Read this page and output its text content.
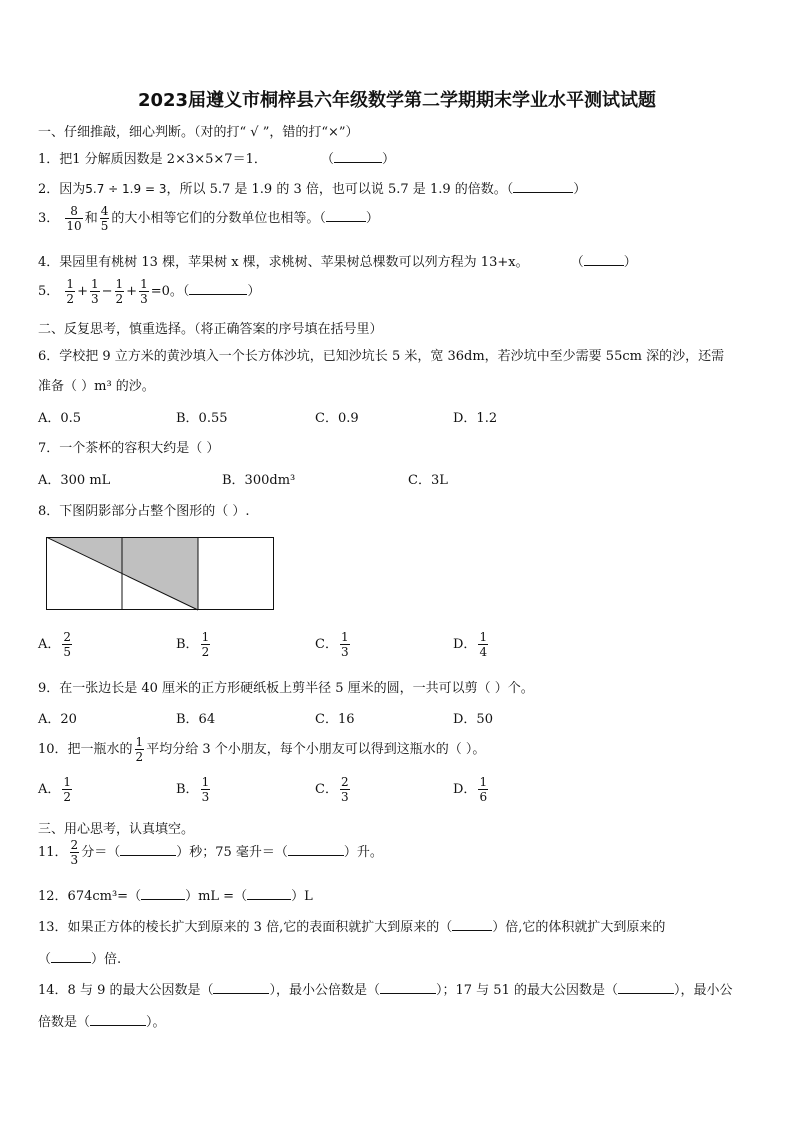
2023届遵义市桐梓县六年级数学第二学期期末学业水平测试试题
一、仔细推敲，细心判断。（对的打“ √ ”，错的打“×”）
1．把1 分解质因数是 2×3×5×7＝1．	（	）
2．因为5.7 ÷ 1.9 = 3，所以 5.7 是 1.9 的 3 倍，也可以说 5.7 是 1.9 的倍数。（	）
3． $\frac{8}{10}$ 和 $\frac{4}{5}$ 的大小相等它们的分数单位也相等。（	）
4．果园里有桃树 13 棵，苹果树 x 棵，求桃树、苹果树总棵数可以列方程为 13+x。	（	）
5． $\frac{1}{2} + \frac{1}{3} - \frac{1}{2} + \frac{1}{3} =0$。（	）
二、反复思考，慎重选择。（将正确答案的序号填在括号里）
6．学校把 9 立方米的黄沙填入一个长方体沙坑，已知沙坑长 5 米，宽 36dm，若沙坑中至少需要 55cm 深的沙，还需
准备（ ）m³ 的沙。
A．0.5	B．0.55	C．0.9	D．1.2
7．一个茶杯的容积大约是（ ）
A．300 mL	B．300dm³	C．3L
8．下图阴影部分占整个图形的（ ）.
A． $\frac{2}{5}$	B． $\frac{1}{2}$	C． $\frac{1}{3}$	D． $\frac{1}{4}$
9．在一张边长是 40 厘米的正方形硬纸板上剪半径 5 厘米的圆，一共可以剪（ ）个。
A．20	B．64	C．16	D．50
10．把一瓶水的 $\frac{1}{2}$ 平均分给 3 个小朋友，每个小朋友可以得到这瓶水的（ ）。
A． $\frac{1}{2}$	B． $\frac{1}{3}$	C． $\frac{2}{3}$	D． $\frac{1}{6}$
三、用心思考，认真填空。
11． $\frac{2}{3}$ 分＝（	）秒；75 毫升＝（	）升。
12．674cm³=（	）mL =（	）L
13．如果正方体的棱长扩大到原来的 3 倍,它的表面积就扩大到原来的（	）倍,它的体积就扩大到原来的
（	）倍.
14．8 与 9 的最大公因数是（	），最小公倍数是（	）；17 与 51 的最大公因数是（	），最小公
倍数是（	）。
